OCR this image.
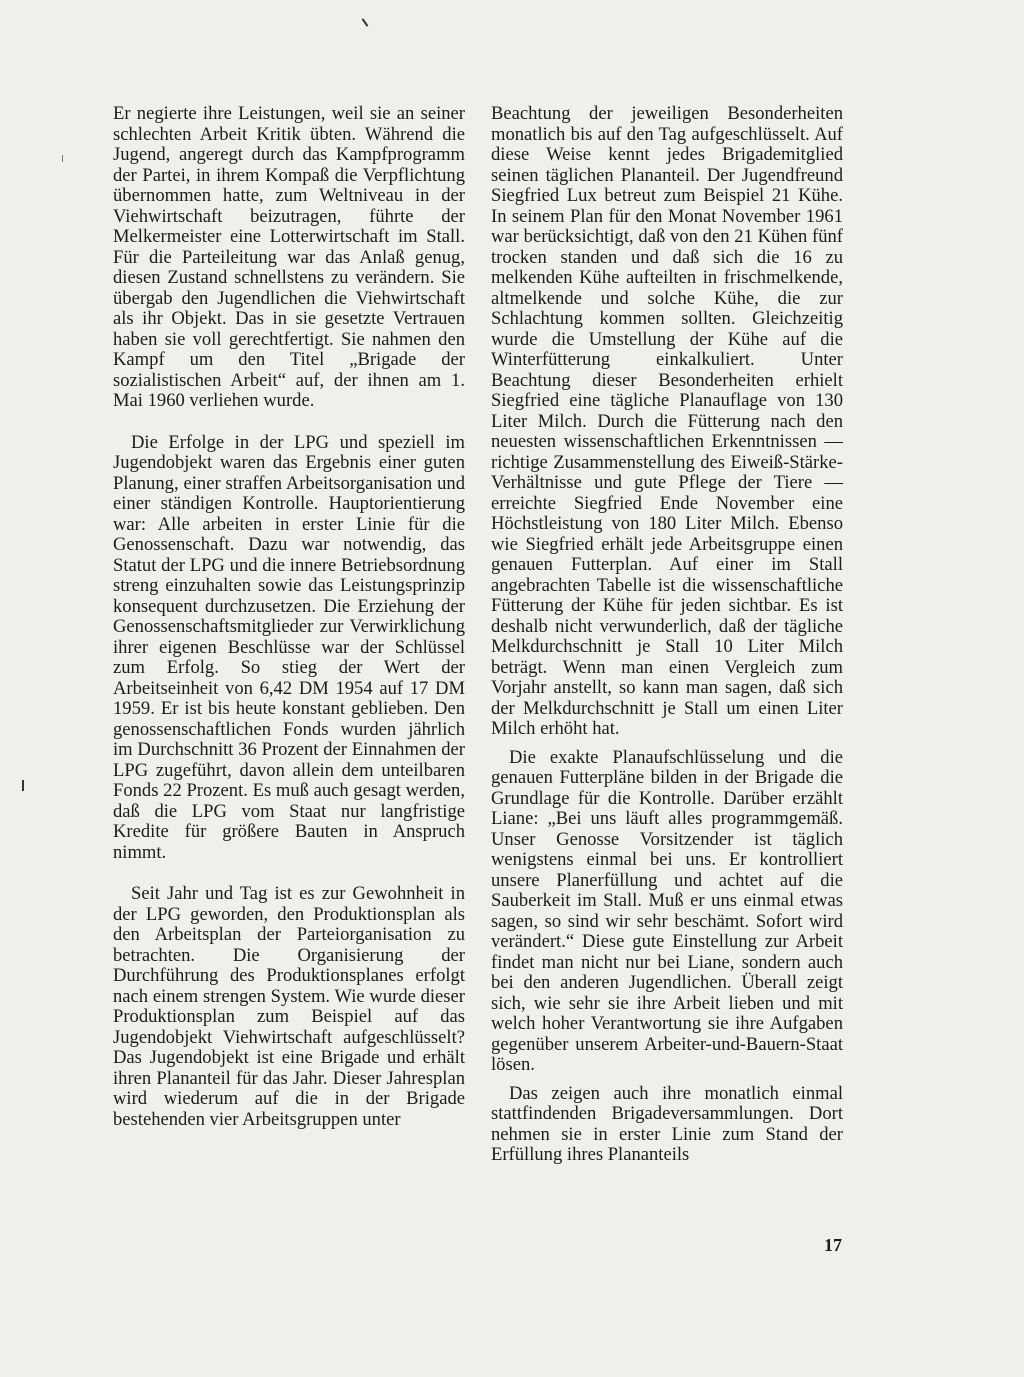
Er negierte ihre Leistungen, weil sie an seiner schlechten Arbeit Kritik übten. Während die Jugend, angeregt durch das Kampfprogramm der Partei, in ihrem Kompaß die Verpflichtung übernommen hatte, zum Weltniveau in der Viehwirtschaft beizutragen, führte der Melkermeister eine Lotterwirtschaft im Stall. Für die Parteileitung war das Anlaß genug, diesen Zustand schnellstens zu verändern. Sie übergab den Jugendlichen die Viehwirtschaft als ihr Objekt. Das in sie gesetzte Vertrauen haben sie voll gerechtfertigt. Sie nahmen den Kampf um den Titel „Brigade der sozialistischen Arbeit“ auf, der ihnen am 1. Mai 1960 verliehen wurde.

Die Erfolge in der LPG und speziell im Jugendobjekt waren das Ergebnis einer guten Planung, einer straffen Arbeitsorganisation und einer ständigen Kontrolle. Hauptorientierung war: Alle arbeiten in erster Linie für die Genossenschaft. Dazu war notwendig, das Statut der LPG und die innere Betriebsordnung streng einzuhalten sowie das Leistungsprinzip konsequent durchzusetzen. Die Erziehung der Genossenschaftsmitglieder zur Verwirklichung ihrer eigenen Beschlüsse war der Schlüssel zum Erfolg. So stieg der Wert der Arbeitseinheit von 6,42 DM 1954 auf 17 DM 1959. Er ist bis heute konstant geblieben. Den genossenschaftlichen Fonds wurden jährlich im Durchschnitt 36 Prozent der Einnahmen der LPG zugeführt, davon allein dem unteilbaren Fonds 22 Prozent. Es muß auch gesagt werden, daß die LPG vom Staat nur langfristige Kredite für größere Bauten in Anspruch nimmt.

Seit Jahr und Tag ist es zur Gewohnheit in der LPG geworden, den Produktionsplan als den Arbeitsplan der Parteiorganisation zu betrachten. Die Organisierung der Durchführung des Produktionsplanes erfolgt nach einem strengen System. Wie wurde dieser Produktionsplan zum Beispiel auf das Jugendobjekt Viehwirtschaft aufgeschlüsselt? Das Jugendobjekt ist eine Brigade und erhält ihren Plananteil für das Jahr. Dieser Jahresplan wird wiederum auf die in der Brigade bestehenden vier Arbeitsgruppen unter

Beachtung der jeweiligen Besonderheiten monatlich bis auf den Tag aufgeschlüsselt. Auf diese Weise kennt jedes Brigademitglied seinen täglichen Plananteil. Der Jugendfreund Siegfried Lux betreut zum Beispiel 21 Kühe. In seinem Plan für den Monat November 1961 war berücksichtigt, daß von den 21 Kühen fünf trocken standen und daß sich die 16 zu melkenden Kühe aufteilten in frischmelkende, altmelkende und solche Kühe, die zur Schlachtung kommen sollten. Gleichzeitig wurde die Umstellung der Kühe auf die Winterfütterung einkalkuliert. Unter Beachtung dieser Besonderheiten erhielt Siegfried eine tägliche Planauflage von 130 Liter Milch. Durch die Fütterung nach den neuesten wissenschaftlichen Erkenntnissen — richtige Zusammenstellung des Eiweiß-Stärke-Verhältnisse und gute Pflege der Tiere — erreichte Siegfried Ende November eine Höchstleistung von 180 Liter Milch. Ebenso wie Siegfried erhält jede Arbeitsgruppe einen genauen Futterplan. Auf einer im Stall angebrachten Tabelle ist die wissenschaftliche Fütterung der Kühe für jeden sichtbar. Es ist deshalb nicht verwunderlich, daß der tägliche Melkdurchschnitt je Stall 10 Liter Milch beträgt. Wenn man einen Vergleich zum Vorjahr anstellt, so kann man sagen, daß sich der Melkdurchschnitt je Stall um einen Liter Milch erhöht hat.

Die exakte Planaufschlüsselung und die genauen Futterpläne bilden in der Brigade die Grundlage für die Kontrolle. Darüber erzählt Liane: „Bei uns läuft alles programmgemäß. Unser Genosse Vorsitzender ist täglich wenigstens einmal bei uns. Er kontrolliert unsere Planerfüllung und achtet auf die Sauberkeit im Stall. Muß er uns einmal etwas sagen, so sind wir sehr beschämt. Sofort wird verändert.“ Diese gute Einstellung zur Arbeit findet man nicht nur bei Liane, sondern auch bei den anderen Jugendlichen. Überall zeigt sich, wie sehr sie ihre Arbeit lieben und mit welch hoher Verantwortung sie ihre Aufgaben gegenüber unserem Arbeiter-und-Bauern-Staat lösen.

Das zeigen auch ihre monatlich einmal stattfindenden Brigadeversammlungen. Dort nehmen sie in erster Linie zum Stand der Erfüllung ihres Plananteils

17
